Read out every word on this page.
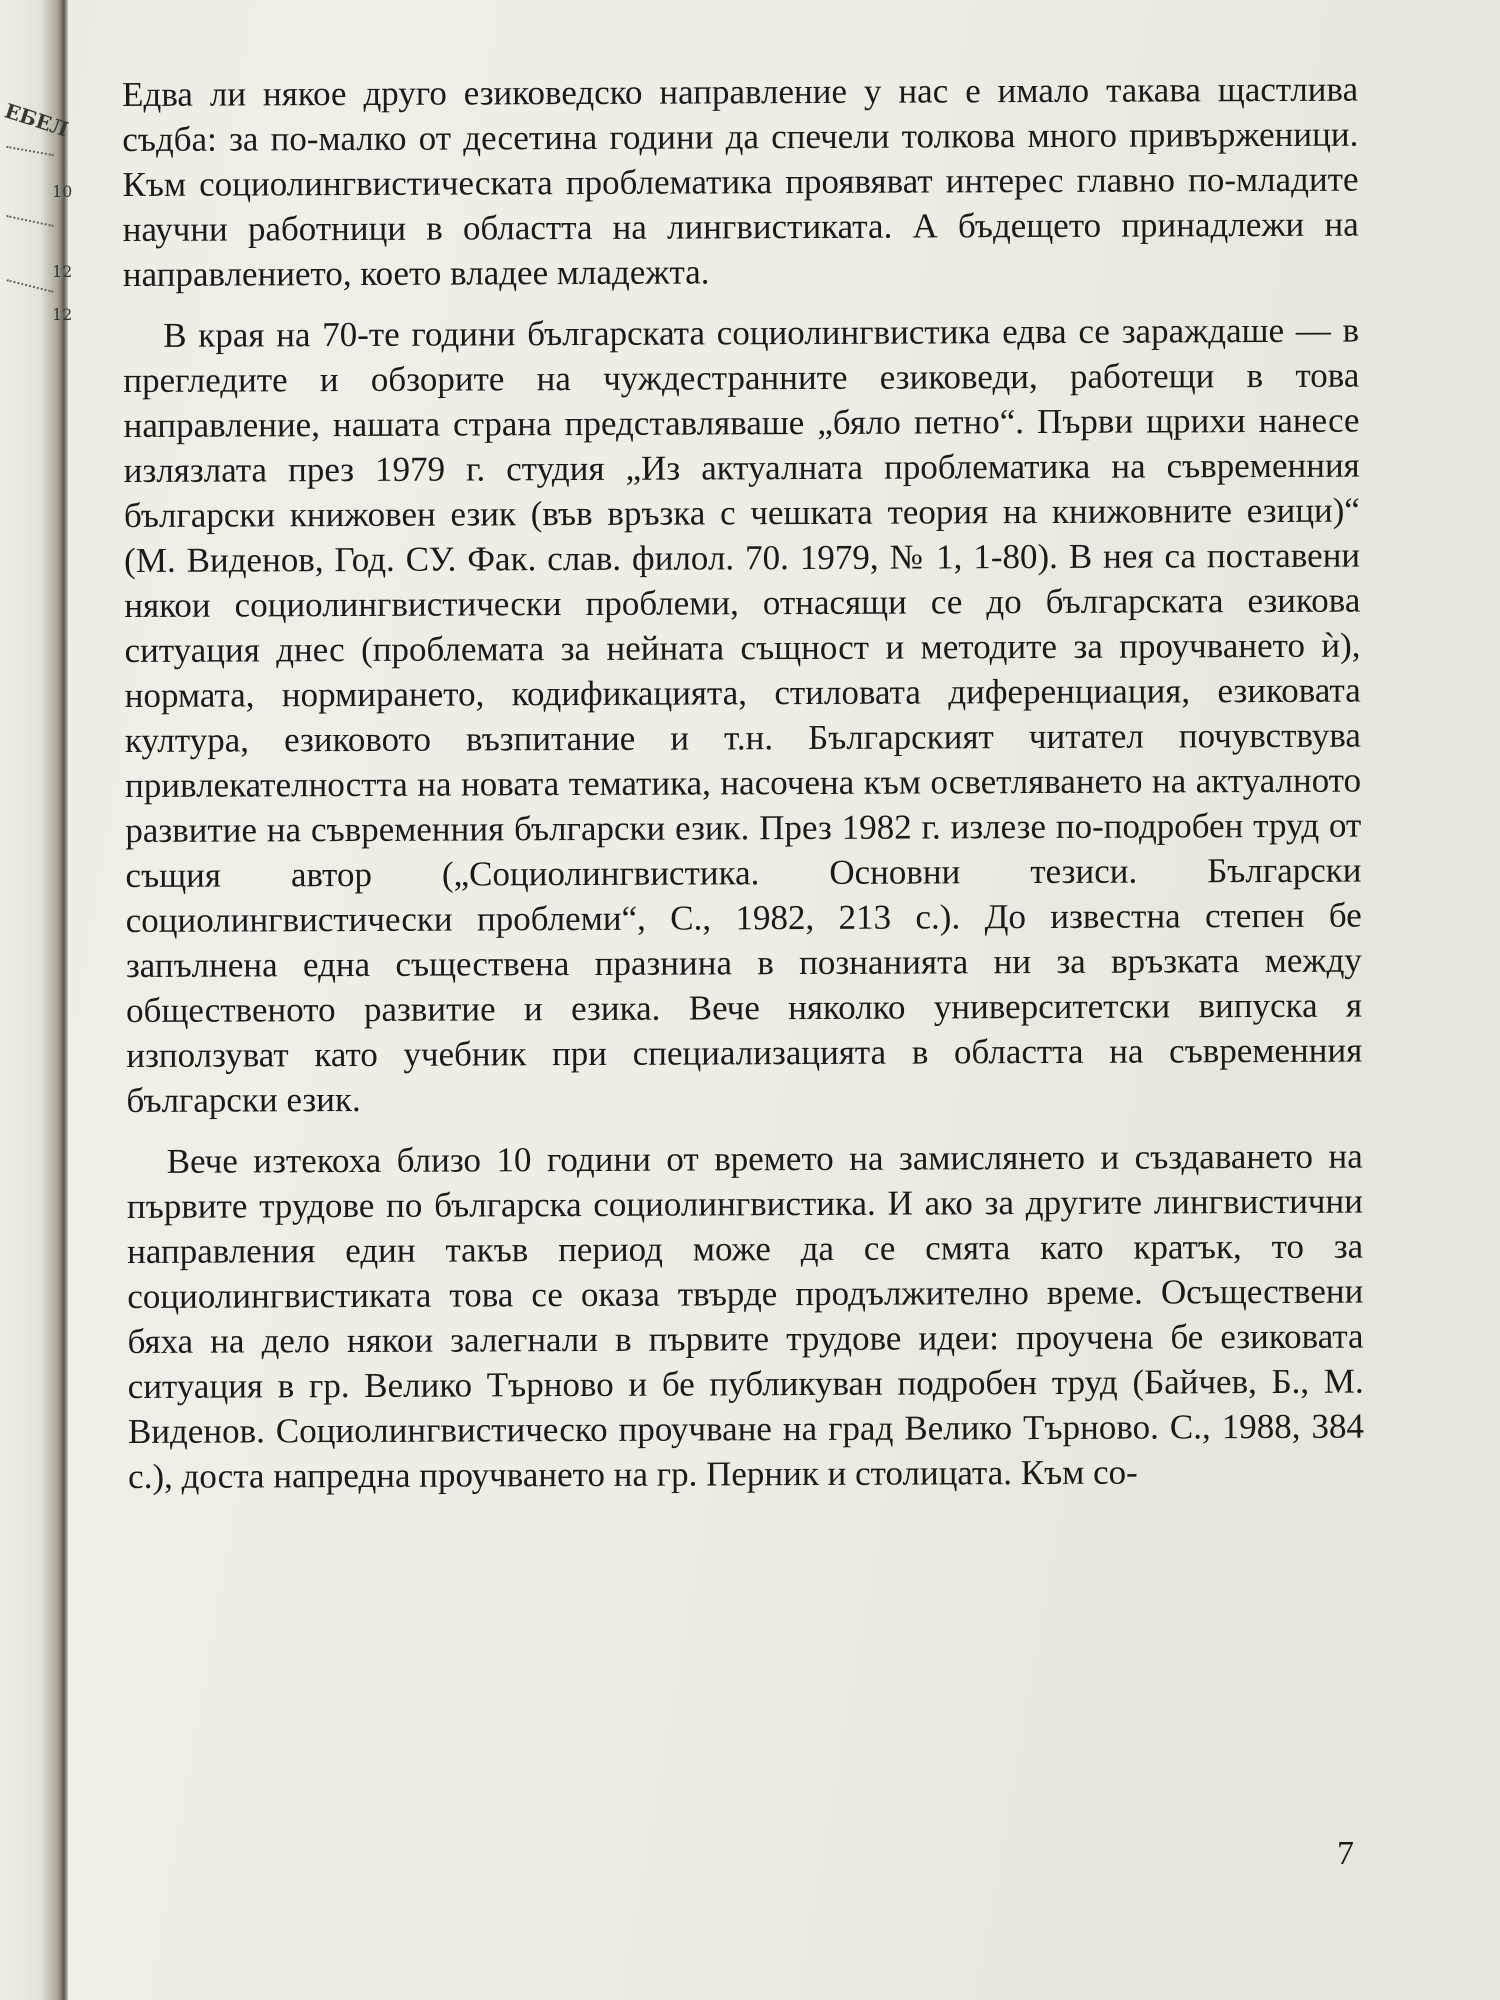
ЕБЕЛ
10
12
12

Едва ли някое друго езиковедско направление у нас е имало такава щастлива съдба: за по-малко от десетина години да спечели толкова много привърженици. Към социолингвистическата проблематика проявяват интерес главно по-младите научни работници в областта на лингвистиката. А бъдещето принадлежи на направлението, което владее младежта.

В края на 70-те години българската социолингвистика едва се зараждаше — в прегледите и обзорите на чуждестранните езиковеди, работещи в това направление, нашата страна представляваше „бяло петно“. Първи щрихи нанесе излязлата през 1979 г. студия „Из актуалната проблематика на съвременния български книжовен език (във връзка с чешката теория на книжовните езици)“ (М. Виденов, Год. СУ. Фак. слав. филол. 70. 1979, № 1, 1-80). В нея са поставени някои социолингвистически проблеми, отнасящи се до българската езикова ситуация днес (проблемата за нейната същност и методите за проучването ѝ), нормата, нормирането, кодификацията, стиловата диференциация, езиковата култура, езиковото възпитание и т.н. Българският читател почувствува привлекателността на новата тематика, насочена към осветляването на актуалното развитие на съвременния български език. През 1982 г. излезе по-подробен труд от същия автор („Социолингвистика. Основни тезиси. Български социолингвистически проблеми“, С., 1982, 213 с.). До известна степен бе запълнена една съществена празнина в познанията ни за връзката между общественото развитие и езика. Вече няколко университетски випуска я използуват като учебник при специализацията в областта на съвременния български език.

Вече изтекоха близо 10 години от времето на замислянето и създаването на първите трудове по българска социолингвистика. И ако за другите лингвистични направления един такъв период може да се смята като кратък, то за социолингвистиката това се оказа твърде продължително време. Осъществени бяха на дело някои залегнали в първите трудове идеи: проучена бе езиковата ситуация в гр. Велико Търново и бе публикуван подробен труд (Байчев, Б., М. Виденов. Социолингвистическо проучване на град Велико Търново. С., 1988, 384 с.), доста напредна проучването на гр. Перник и столицата. Към со-

7
